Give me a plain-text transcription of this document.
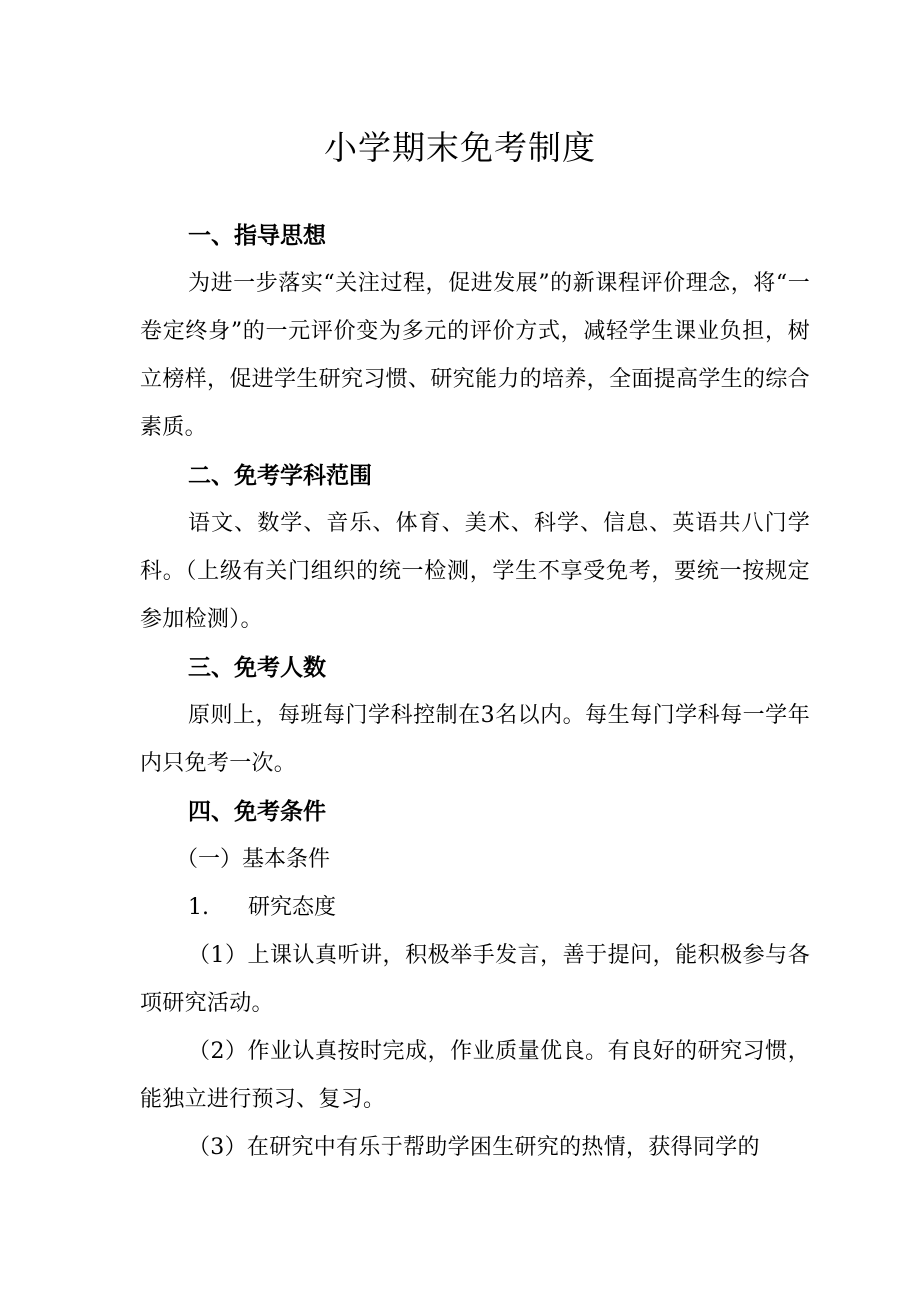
小学期末免考制度

一、指导思想

为进一步落实“关注过程，促进发展”的新课程评价理念，将“一卷定终身”的一元评价变为多元的评价方式，减轻学生课业负担，树立榜样，促进学生研究习惯、研究能力的培养，全面提高学生的综合素质。

二、免考学科范围

语文、数学、音乐、体育、美术、科学、信息、英语共八门学科。（上级有关门组织的统一检测，学生不享受免考，要统一按规定参加检测）。

三、免考人数

原则上，每班每门学科控制在3名以内。每生每门学科每一学年内只免考一次。

四、免考条件

（一）基本条件

1. 研究态度

（1）上课认真听讲，积极举手发言，善于提问，能积极参与各项研究活动。

（2）作业认真按时完成，作业质量优良。有良好的研究习惯，能独立进行预习、复习。

（3）在研究中有乐于帮助学困生研究的热情，获得同学的
